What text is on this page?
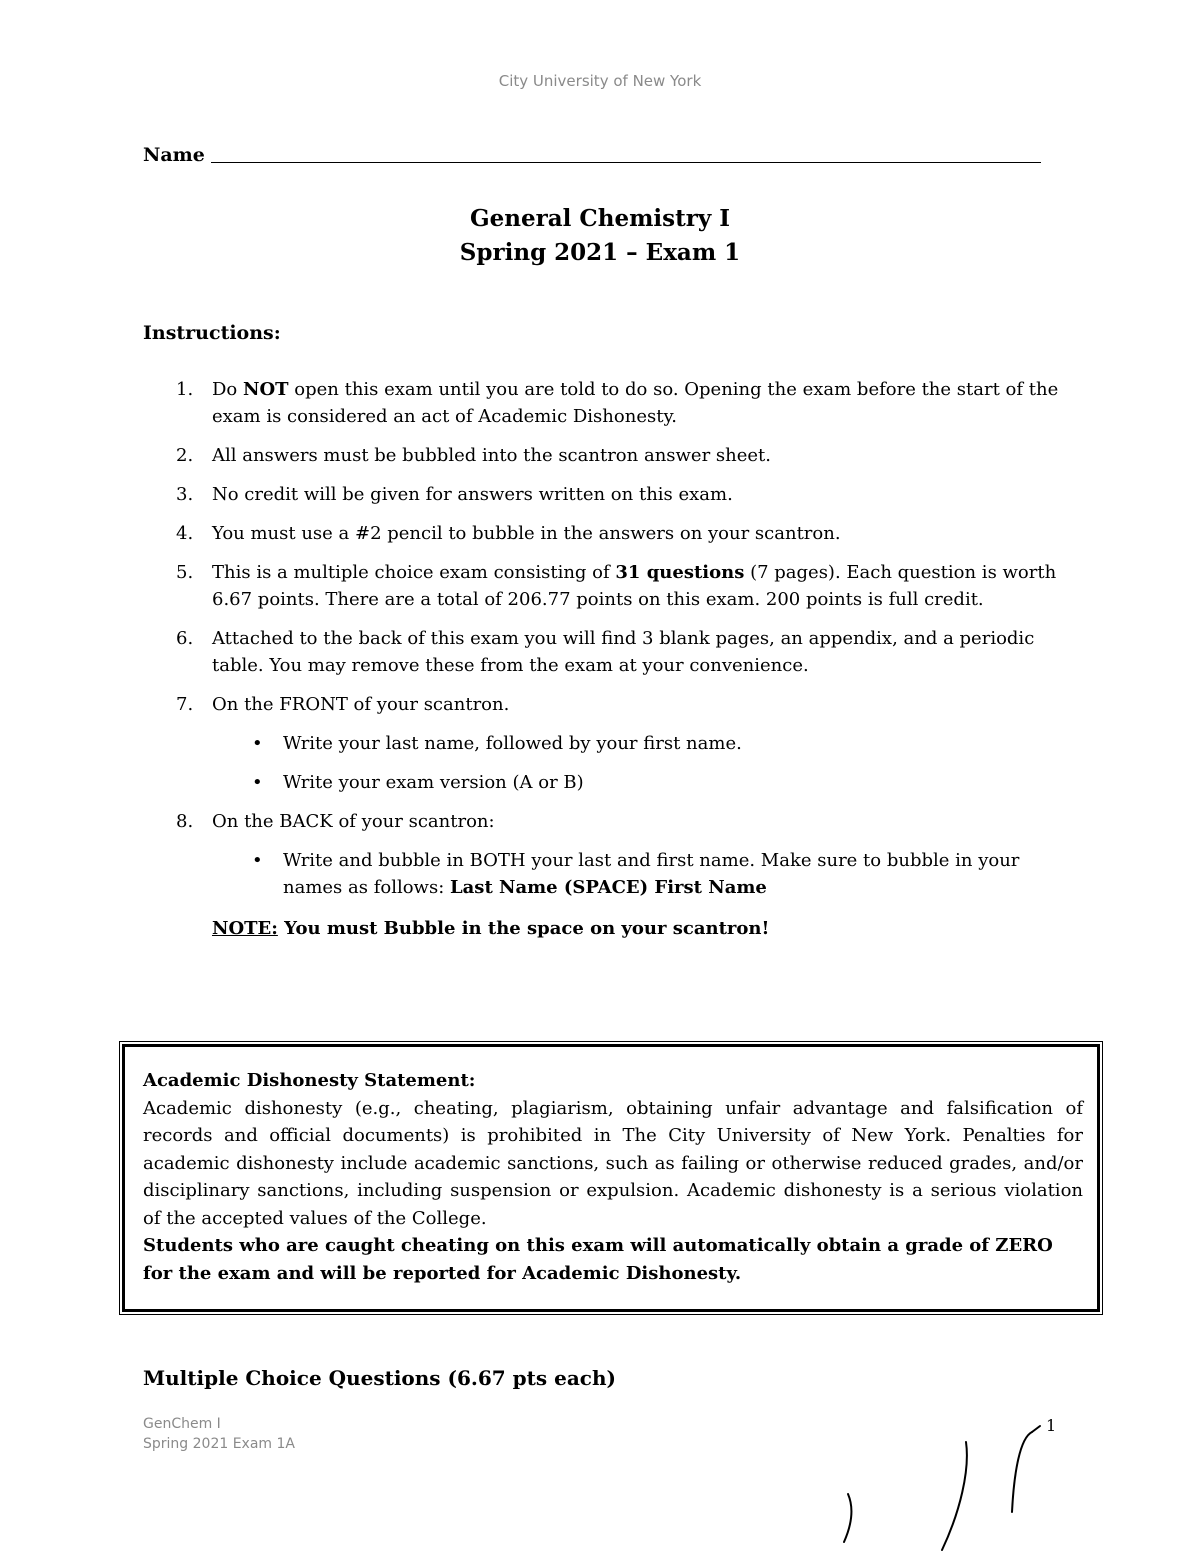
City University of New York
Name
General Chemistry I
Spring 2021 – Exam 1
Instructions:
1. Do NOT open this exam until you are told to do so. Opening the exam before the start of the exam is considered an act of Academic Dishonesty.
2. All answers must be bubbled into the scantron answer sheet.
3. No credit will be given for answers written on this exam.
4. You must use a #2 pencil to bubble in the answers on your scantron.
5. This is a multiple choice exam consisting of 31 questions (7 pages). Each question is worth 6.67 points. There are a total of 206.77 points on this exam. 200 points is full credit.
6. Attached to the back of this exam you will find 3 blank pages, an appendix, and a periodic table. You may remove these from the exam at your convenience.
7. On the FRONT of your scantron.
• Write your last name, followed by your first name.
• Write your exam version (A or B)
8. On the BACK of your scantron:
• Write and bubble in BOTH your last and first name. Make sure to bubble in your names as follows: Last Name (SPACE) First Name
NOTE: You must Bubble in the space on your scantron!
Academic Dishonesty Statement:
Academic dishonesty (e.g., cheating, plagiarism, obtaining unfair advantage and falsification of records and official documents) is prohibited in The City University of New York. Penalties for academic dishonesty include academic sanctions, such as failing or otherwise reduced grades, and/or disciplinary sanctions, including suspension or expulsion. Academic dishonesty is a serious violation of the accepted values of the College.
Students who are caught cheating on this exam will automatically obtain a grade of ZERO for the exam and will be reported for Academic Dishonesty.
Multiple Choice Questions (6.67 pts each)
GenChem I
Spring 2021 Exam 1A
1
